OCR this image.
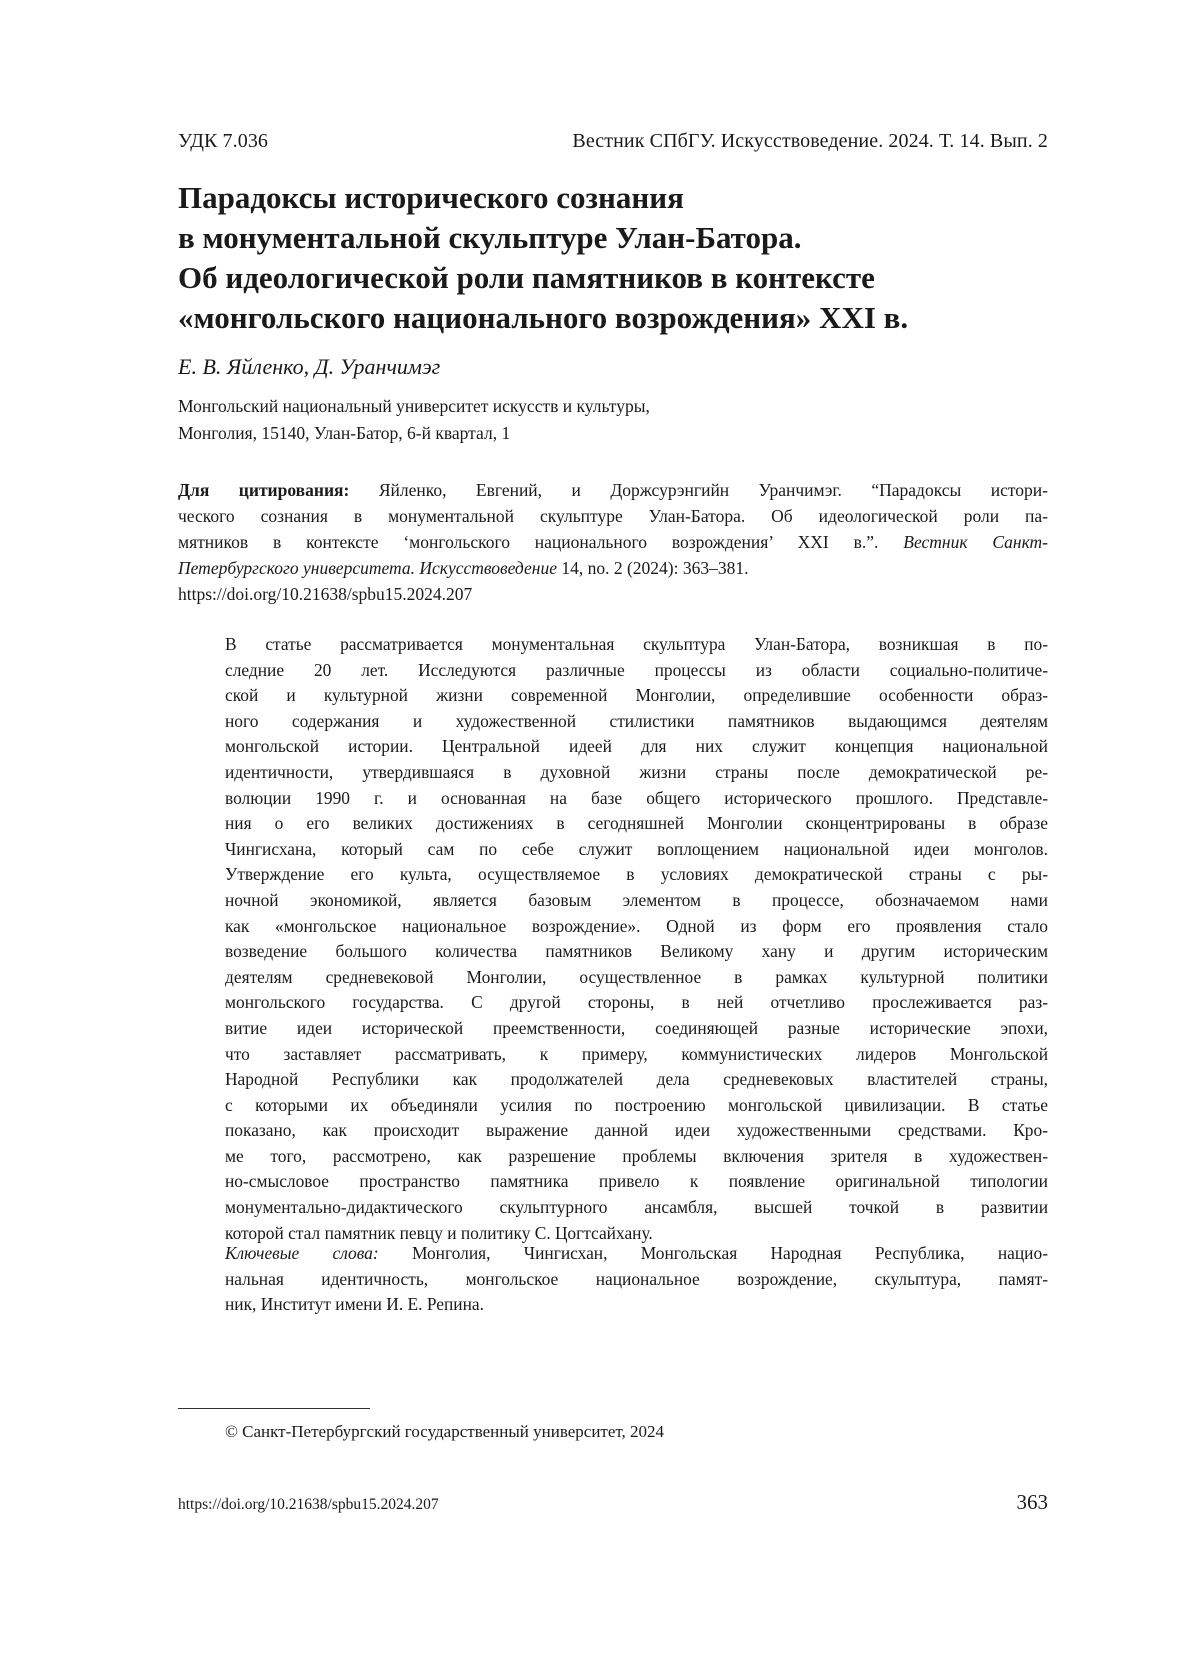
УДК 7.036	Вестник СПбГУ. Искусствоведение. 2024. Т. 14. Вып. 2
Парадоксы исторического сознания
в монументальной скульптуре Улан-Батора.
Об идеологической роли памятников в контексте
«монгольского национального возрождения» XXI в.
Е. В. Яйленко, Д. Уранчимэг
Монгольский национальный университет искусств и культуры,
Монголия, 15140, Улан-Батор, 6-й квартал, 1
Для цитирования: Яйленко, Евгений, и Доржсурэнгийн Уранчимэг. “Парадоксы истори-
ческого сознания в монументальной скульптуре Улан-Батора. Об идеологической роли па-
мятников в контексте ‘монгольского национального возрождения’ XXI в.”. Вестник Санкт-
Петербургского университета. Искусствоведение 14, no. 2 (2024): 363–381.
https://doi.org/10.21638/spbu15.2024.207
В статье рассматривается монументальная скульптура Улан-Батора, возникшая в по-
следние 20 лет. Исследуются различные процессы из области социально-политиче-
ской и культурной жизни современной Монголии, определившие особенности образ-
ного содержания и художественной стилистики памятников выдающимся деятелям
монгольской истории. Центральной идеей для них служит концепция национальной
идентичности, утвердившаяся в духовной жизни страны после демократической ре-
волюции 1990 г. и основанная на базе общего исторического прошлого. Представле-
ния о его великих достижениях в сегодняшней Монголии сконцентрированы в образе
Чингисхана, который сам по себе служит воплощением национальной идеи монголов.
Утверждение его культа, осуществляемое в условиях демократической страны с ры-
ночной экономикой, является базовым элементом в процессе, обозначаемом нами
как «монгольское национальное возрождение». Одной из форм его проявления стало
возведение большого количества памятников Великому хану и другим историческим
деятелям средневековой Монголии, осуществленное в рамках культурной политики
монгольского государства. С другой стороны, в ней отчетливо прослеживается раз-
витие идеи исторической преемственности, соединяющей разные исторические эпохи,
что заставляет рассматривать, к примеру, коммунистических лидеров Монгольской
Народной Республики как продолжателей дела средневековых властителей страны,
с которыми их объединяли усилия по построению монгольской цивилизации. В статье
показано, как происходит выражение данной идеи художественными средствами. Кро-
ме того, рассмотрено, как разрешение проблемы включения зрителя в художествен-
но-смысловое пространство памятника привело к появление оригинальной типологии
монументально-дидактического скульптурного ансамбля, высшей точкой в развитии
которой стал памятник певцу и политику С. Цогтсайхану.
Ключевые слова: Монголия, Чингисхан, Монгольская Народная Республика, нацио-
нальная идентичность, монгольское национальное возрождение, скульптура, памят-
ник, Институт имени И. Е. Репина.
© Санкт-Петербургский государственный университет, 2024
https://doi.org/10.21638/spbu15.2024.207	363
